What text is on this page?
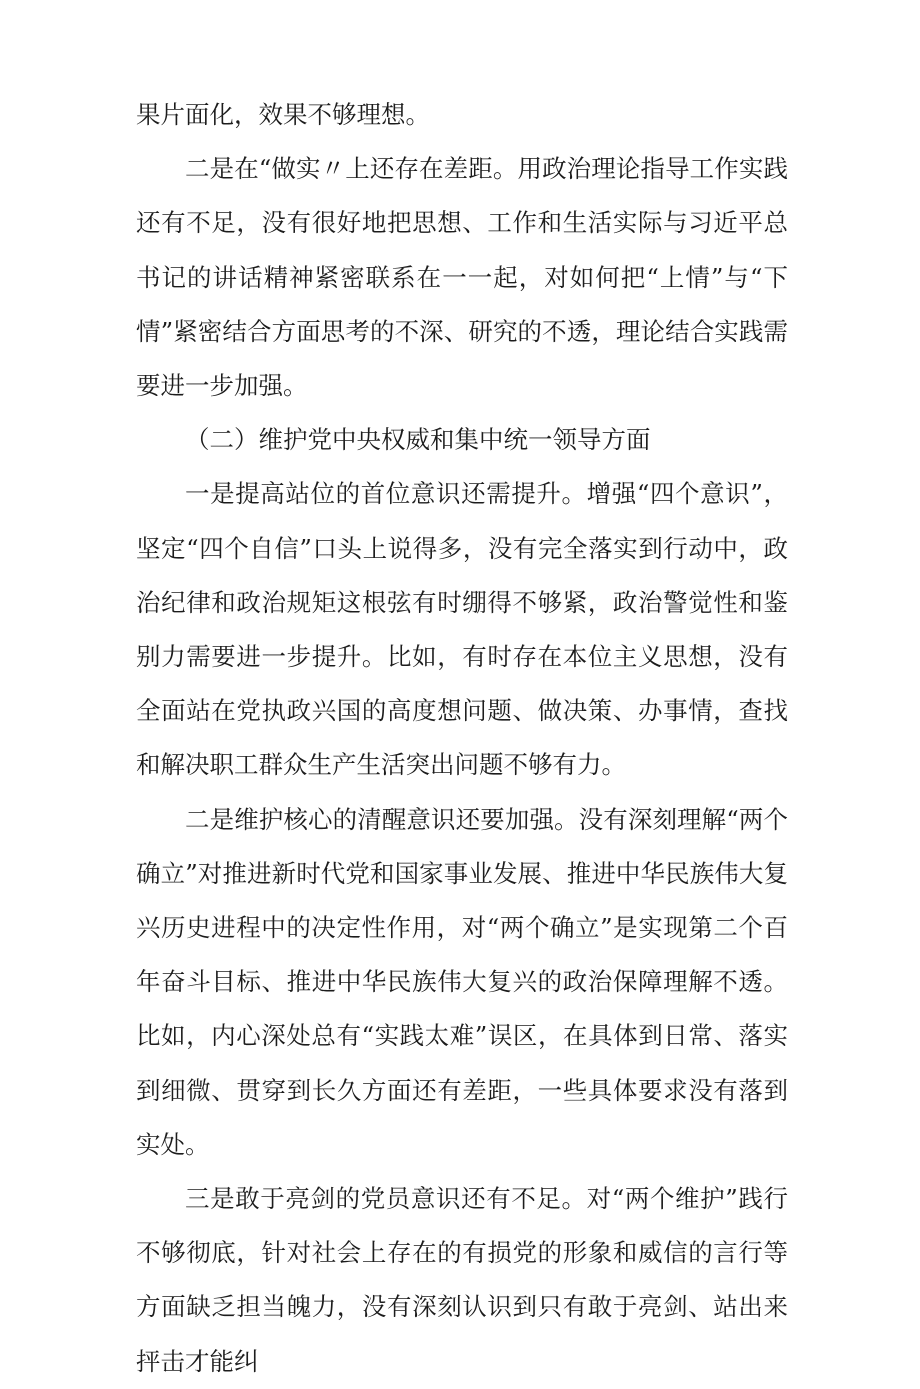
果片面化，效果不够理想。

二是在“做实〃上还存在差距。用政治理论指导工作实践还有不足，没有很好地把思想、工作和生活实际与习近平总书记的讲话精神紧密联系在一一起，对如何把“上情”与“下情”紧密结合方面思考的不深、研究的不透，理论结合实践需要进一步加强。

（二）维护党中央权威和集中统一领导方面

一是提高站位的首位意识还需提升。增强“四个意识”，坚定“四个自信”口头上说得多，没有完全落实到行动中，政治纪律和政治规矩这根弦有时绷得不够紧，政治警觉性和鉴别力需要进一步提升。比如，有时存在本位主义思想，没有全面站在党执政兴国的高度想问题、做决策、办事情，查找和解决职工群众生产生活突出问题不够有力。

二是维护核心的清醒意识还要加强。没有深刻理解“两个确立”对推进新时代党和国家事业发展、推进中华民族伟大复兴历史进程中的决定性作用，对“两个确立”是实现第二个百年奋斗目标、推进中华民族伟大复兴的政治保障理解不透。比如，内心深处总有“实践太难”误区，在具体到日常、落实到细微、贯穿到长久方面还有差距，一些具体要求没有落到实处。

三是敢于亮剑的党员意识还有不足。对“两个维护”践行不够彻底，针对社会上存在的有损党的形象和威信的言行等方面缺乏担当魄力，没有深刻认识到只有敢于亮剑、站出来抨击才能纠
